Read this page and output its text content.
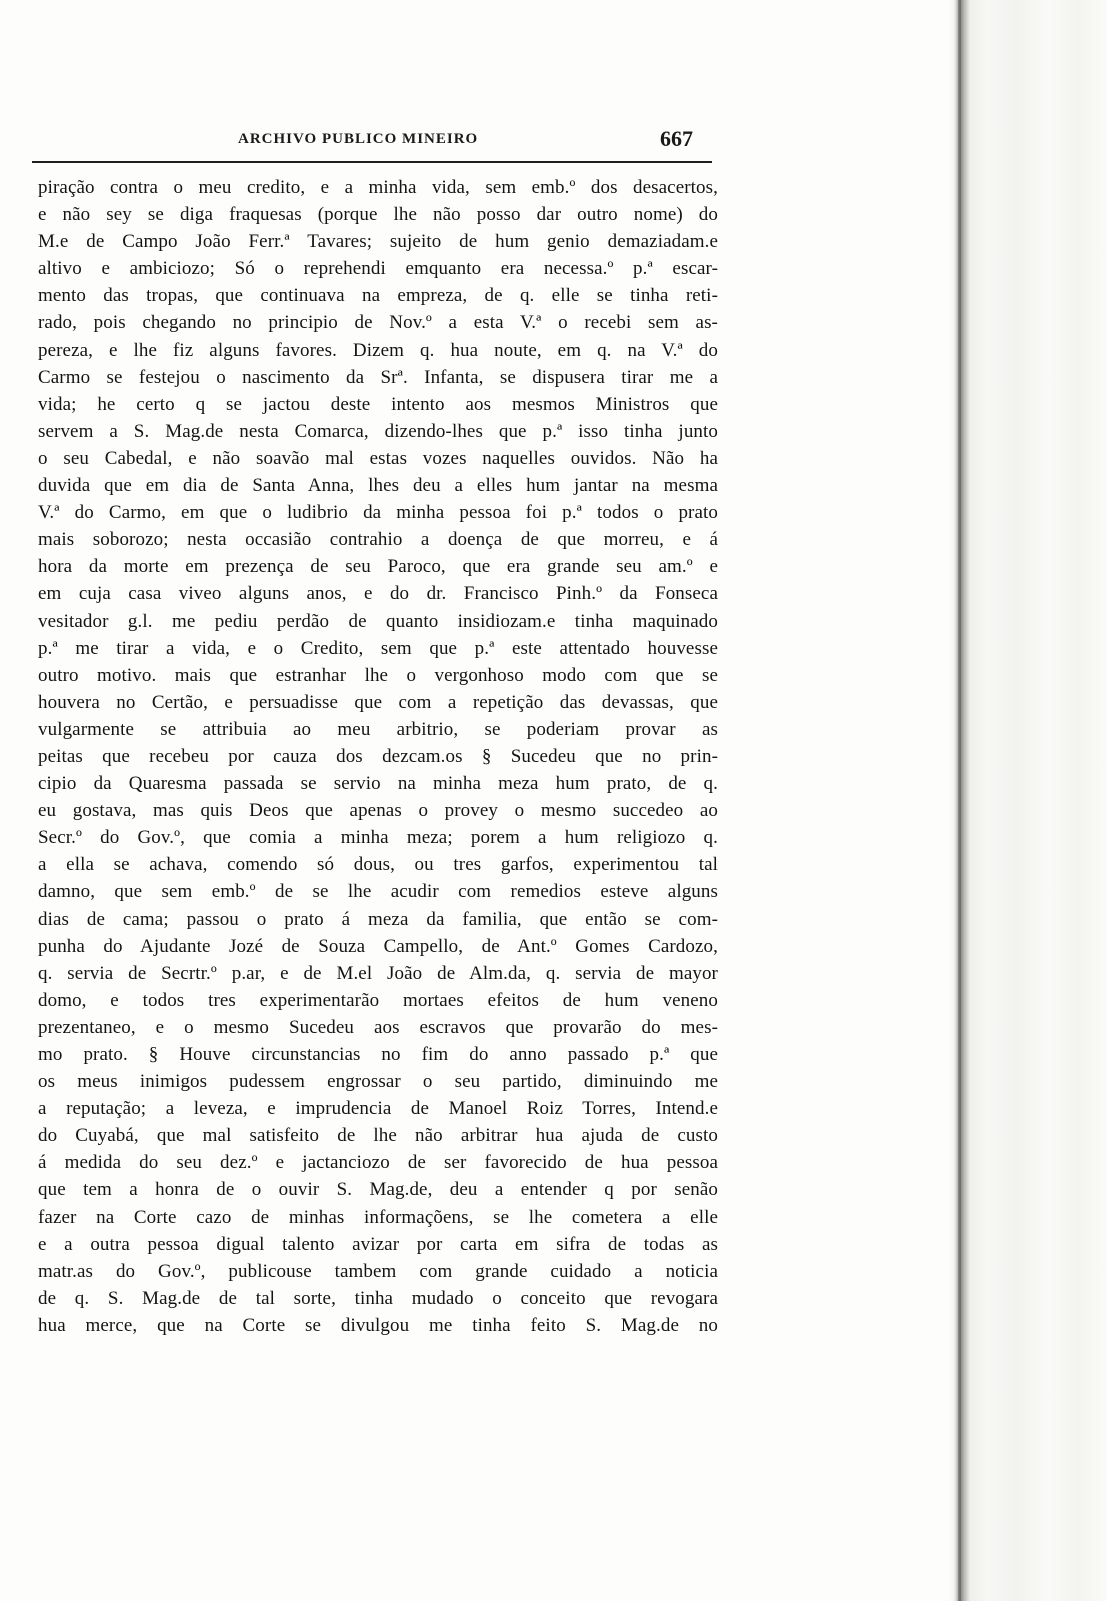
ARCHIVO PUBLICO MINEIRO	667
piração contra o meu credito, e a minha vida, sem emb.º dos desacertos,
e não sey se diga fraquesas (porque lhe não posso dar outro nome) do
M.e de Campo João Ferr.ª Tavares; sujeito de hum genio demaziadam.e
altivo e ambiciozo; Só o reprehendi emquanto era necessa.º p.ª escar-
mento das tropas, que continuava na empreza, de q. elle se tinha reti-
rado, pois chegando no principio de Nov.º a esta V.ª o recebi sem as-
pereza, e lhe fiz alguns favores. Dizem q. hua noute, em q. na V.ª do
Carmo se festejou o nascimento da Srª. Infanta, se dispusera tirar me a
vida; he certo q se jactou deste intento aos mesmos Ministros que
servem a S. Mag.de nesta Comarca, dizendo-lhes que p.ª isso tinha junto
o seu Cabedal, e não soavão mal estas vozes naquelles ouvidos. Não ha
duvida que em dia de Santa Anna, lhes deu a elles hum jantar na mesma
V.ª do Carmo, em que o ludibrio da minha pessoa foi p.ª todos o prato
mais soborozo; nesta occasião contrahio a doença de que morreu, e á
hora da morte em prezença de seu Paroco, que era grande seu am.º e
em cuja casa viveo alguns anos, e do dr. Francisco Pinh.º da Fonseca
vesitador g.l. me pediu perdão de quanto insidiozam.e tinha maquinado
p.ª me tirar a vida, e o Credito, sem que p.ª este attentado houvesse
outro motivo. mais que estranhar lhe o vergonhoso modo com que se
houvera no Certão, e persuadisse que com a repetição das devassas, que
vulgarmente se attribuia ao meu arbitrio, se poderiam provar as
peitas que recebeu por cauza dos dezcam.os § Sucedeu que no prin-
cipio da Quaresma passada se servio na minha meza hum prato, de q.
eu gostava, mas quis Deos que apenas o provey o mesmo succedeo ao
Secr.º do Gov.º, que comia a minha meza; porem a hum religiozo q.
a ella se achava, comendo só dous, ou tres garfos, experimentou tal
damno, que sem emb.º de se lhe acudir com remedios esteve alguns
dias de cama; passou o prato á meza da familia, que então se com-
punha do Ajudante Jozé de Souza Campello, de Ant.º Gomes Cardozo,
q. servia de Secrtr.º p.ar, e de M.el João de Alm.da, q. servia de mayor
domo, e todos tres experimentarão mortaes efeitos de hum veneno
prezentaneo, e o mesmo Sucedeu aos escravos que provarão do mes-
mo prato. § Houve circunstancias no fim do anno passado p.ª que
os meus inimigos pudessem engrossar o seu partido, diminuindo me
a reputação; a leveza, e imprudencia de Manoel Roiz Torres, Intend.e
do Cuyabá, que mal satisfeito de lhe não arbitrar hua ajuda de custo
á medida do seu dez.º e jactanciozo de ser favorecido de hua pessoa
que tem a honra de o ouvir S. Mag.de, deu a entender q por senão
fazer na Corte cazo de minhas informaçõens, se lhe cometera a elle
e a outra pessoa digual talento avizar por carta em sifra de todas as
matr.as do Gov.º, publicouse tambem com grande cuidado a noticia
de q. S. Mag.de de tal sorte, tinha mudado o conceito que revogara
hua merce, que na Corte se divulgou me tinha feito S. Mag.de no
